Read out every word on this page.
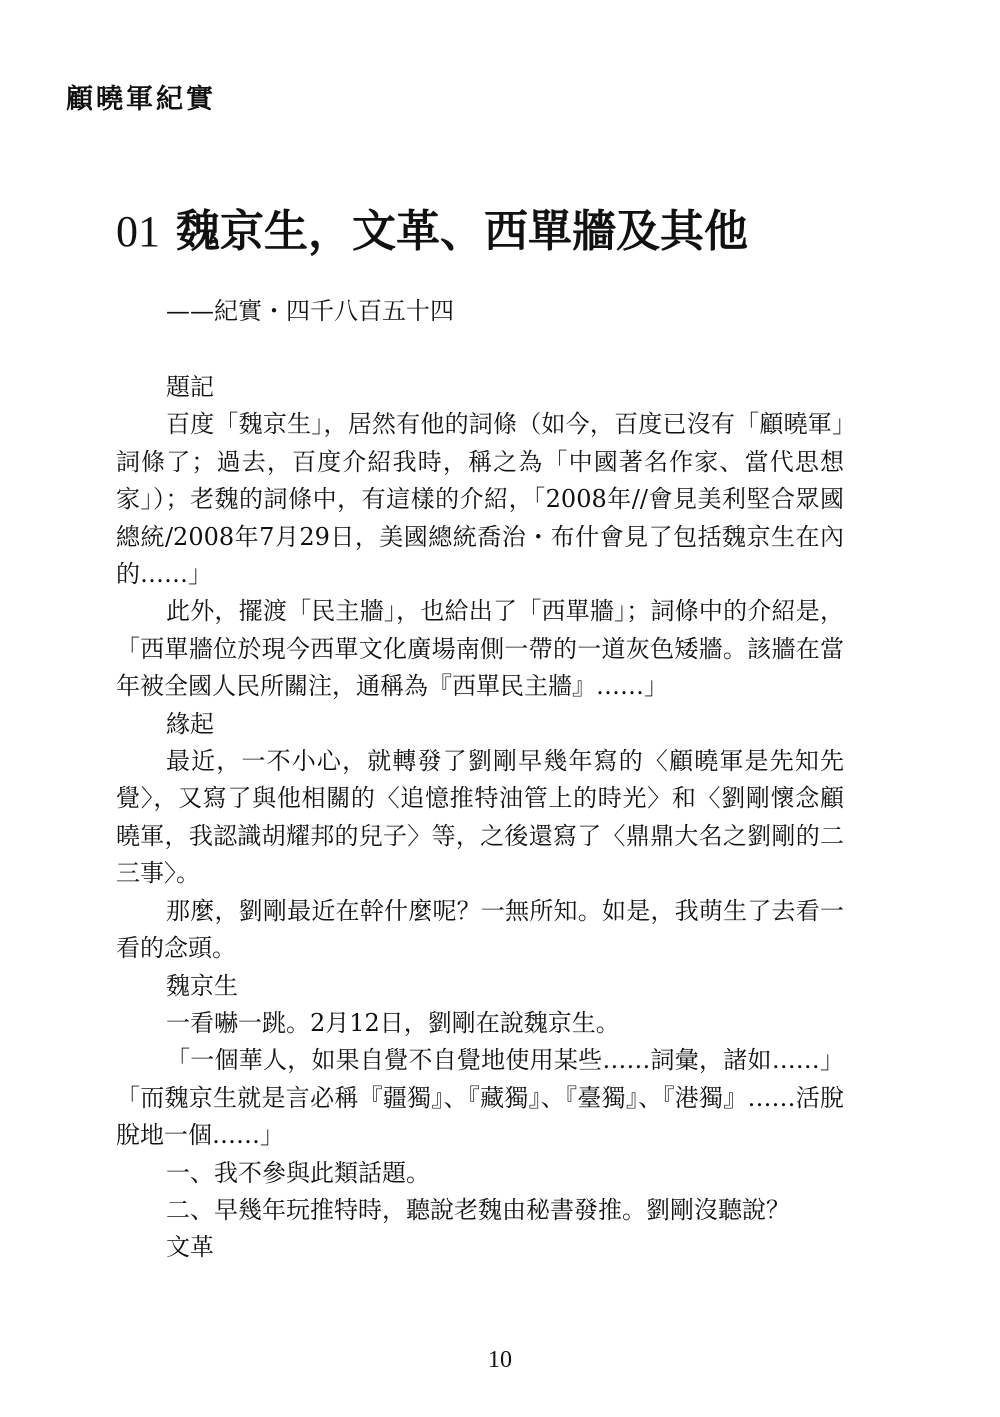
顧曉軍紀實
01 魏京生，文革、西單牆及其他
——紀實・四千八百五十四

題記

百度「魏京生」，居然有他的詞條（如今，百度已沒有「顧曉軍」詞條了；過去，百度介紹我時，稱之為「中國著名作家、當代思想家」）；老魏的詞條中，有這樣的介紹，「2008年//會見美利堅合眾國總統/2008年7月29日，美國總統喬治・布什會見了包括魏京生在內的……」

此外，擺渡「民主牆」，也給出了「西單牆」；詞條中的介紹是，「西單牆位於現今西單文化廣場南側一帶的一道灰色矮牆。該牆在當年被全國人民所關注，通稱為『西單民主牆』……」

緣起

最近，一不小心，就轉發了劉剛早幾年寫的〈顧曉軍是先知先覺〉，又寫了與他相關的〈追憶推特油管上的時光〉和〈劉剛懷念顧曉軍，我認識胡耀邦的兒子〉等，之後還寫了〈鼎鼎大名之劉剛的二三事〉。

那麼，劉剛最近在幹什麼呢？一無所知。如是，我萌生了去看一看的念頭。

魏京生

一看嚇一跳。2月12日，劉剛在說魏京生。

「一個華人，如果自覺不自覺地使用某些……詞彙，諸如……」「而魏京生就是言必稱『疆獨』、『藏獨』、『臺獨』、『港獨』……活脫脫地一個……」

一、我不參與此類話題。

二、早幾年玩推特時，聽說老魏由秘書發推。劉剛沒聽說？

文革

10
